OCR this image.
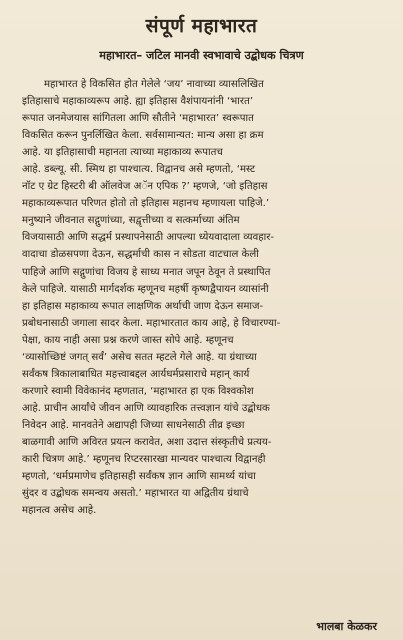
संपूर्ण महाभारत
महाभारत– जटिल मानवी स्वभावाचे उद्बोधक चित्रण
महाभारत हे विकसित होत गेलेले ‘जय’ नावाच्या व्यासलिखित
इतिहासाचे महाकाव्यरूप आहे. ह्या इतिहास वैशंपायनांनी ‘भारत’
रूपात जनमेजयास सांगितला आणि सौतीने ‘महाभारत’ स्वरूपात
विकसित करून पुनर्लिखित केला. सर्वसामान्यत: मान्य असा हा क्रम
आहे. या इतिहासाची महानता त्याच्या महाकाव्य रूपातच
आहे. डब्ल्यू. सी. स्मिथ हा पाश्चात्य. विद्वानच असे म्हणतो, ‘मस्ट
नॉट ए ग्रेट हिस्टरी बी ऑलवेज अॅन एपिक ?’ म्हणजे, ‘जो इतिहास
महाकाव्यरूपात परिणत होतो तो इतिहास महानच म्हणायला पाहिजे.’
मनुष्याने जीवनात सद्गुणांच्या, सद्वृत्तीच्या व सत्कर्माच्या अंतिम
विजयासाठी आणि सद्धर्म प्रस्थापनेसाठी आपल्या ध्येयवादाला व्यवहार-
वादाचा डोळसपणा देऊन, सद्धर्माची कास न सोडता वाटचाल केली
पाहिजे आणि सद्गुणांचा विजय हे साध्य मनात जपून ठेवून ते प्रस्थापित
केले पाहिजे. यासाठी मार्गदर्शक म्हणूनच महर्षी कृष्णद्वैपायन व्यासांनी
हा इतिहास महाकाव्य रूपात लाक्षणिक अर्थाची जाण देऊन समाज-
प्रबोधनासाठी जगाला सादर केला. महाभारतात काय आहे, हे विचारण्या-
पेक्षा, काय नाही असा प्रश्न करणे जास्त सोपे आहे. म्हणूनच
‘व्यासोच्छिष्टं जगत् सर्वं’ असेच सतत म्हटले गेले आहे. या ग्रंथाच्या
सर्वंकष त्रिकालाबाधित महत्त्वाबद्दल आर्यधर्मप्रसाराचे महान् कार्य
करणारे स्वामी विवेकानंद म्हणतात, ‘महाभारत हा एक विश्वकोश
आहे. प्राचीन आर्यांचे जीवन आणि व्यावहारिक तत्त्वज्ञान यांचे उद्बोधक
निवेदन आहे. मानवतेने अद्यापही जिच्या साधनेसाठी तीव्र इच्छा
बाळगावी आणि अविरत प्रयत्न करावेत, अशा उदात्त संस्कृतीचे प्रत्यय-
कारी चित्रण आहे.’ म्हणूनच रिप्टरसारखा मान्यवर पाश्चात्य विद्वानही
म्हणतो, ‘धर्मप्रमाणेच इतिहासही सर्वंकष ज्ञान आणि सामर्थ्य यांचा
सुंदर व उद्बोधक समन्वय असतो.’ महाभारत या अद्वितीय ग्रंथाचे
महानत्व असेच आहे.
भालबा केळकर
